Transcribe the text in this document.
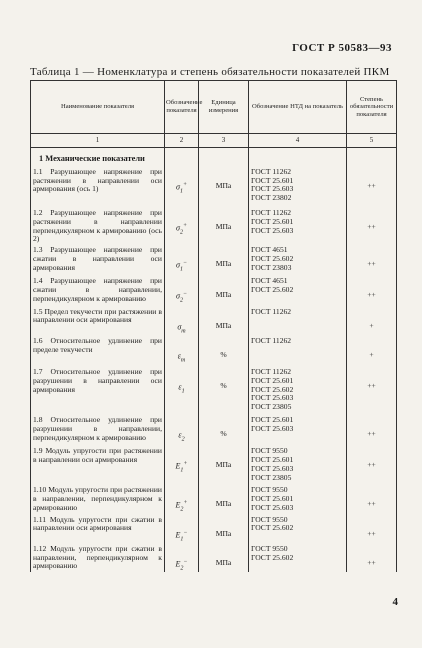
ГОСТ Р 50583—93
Таблица 1 — Номенклатура и степень обязательности показателей ПКМ
Наименование показателя	Обозначение показателя	Единица измерения	Обозначение НТД на показатель	Степень обязательности показателя
1	2	3	4	5
1 Механические показатели				
1.1 Разрушающее напряжение при растяжении в направлении оси армирования (ось 1)	$\sigma_1^+$	МПа	ГОСТ 11262
ГОСТ 25.601
ГОСТ 25.603
ГОСТ 23802	++
1.2 Разрушающее напряжение при растяжении в направлении перпендикулярном к армированию (ось 2)	$\sigma_2^+$	МПа	ГОСТ 11262
ГОСТ 25.601
ГОСТ 25.603	++
1.3 Разрушающее напряжение при сжатии в направлении оси армирования	$\sigma_1^-$	МПа	ГОСТ 4651
ГОСТ 25.602
ГОСТ 23803	++
1.4 Разрушающее напряжение при сжатии в направлении, перпендикулярном к армированию	$\sigma_2^-$	МПа	ГОСТ 4651
ГОСТ 25.602	++
1.5 Предел текучести при растяжении в направлении оси армирования	$\sigma_т$	МПа	ГОСТ 11262	+
1.6 Относительное удлинение при пределе текучести	$\varepsilon_т$	%	ГОСТ 11262	+
1.7 Относительное удлинение при разрушении в направлении оси армирования	$\varepsilon_1$	%	ГОСТ 11262
ГОСТ 25.601
ГОСТ 25.602
ГОСТ 25.603
ГОСТ 23805	++
1.8 Относительное удлинение при разрушении в направлении, перпендикулярном к армированию	$\varepsilon_2$	%	ГОСТ 25.601
ГОСТ 25.603	++
1.9 Модуль упругости при растяжении в направлении оси армирования	$E_1^+$	МПа	ГОСТ 9550
ГОСТ 25.601
ГОСТ 25.603
ГОСТ 23805	++
1.10 Модуль упругости при растяжении в направлении, перпендикулярном к армированию	$E_2^+$	МПа	ГОСТ 9550
ГОСТ 25.601
ГОСТ 25.603	++
1.11 Модуль упругости при сжатии в направлении оси армирования	$E_1^-$	МПа	ГОСТ 9550
ГОСТ 25.602	++
1.12 Модуль упругости при сжатии в направлении, перпендикулярном к армированию	$E_2^-$	МПа	ГОСТ 9550
ГОСТ 25.602	++
4
